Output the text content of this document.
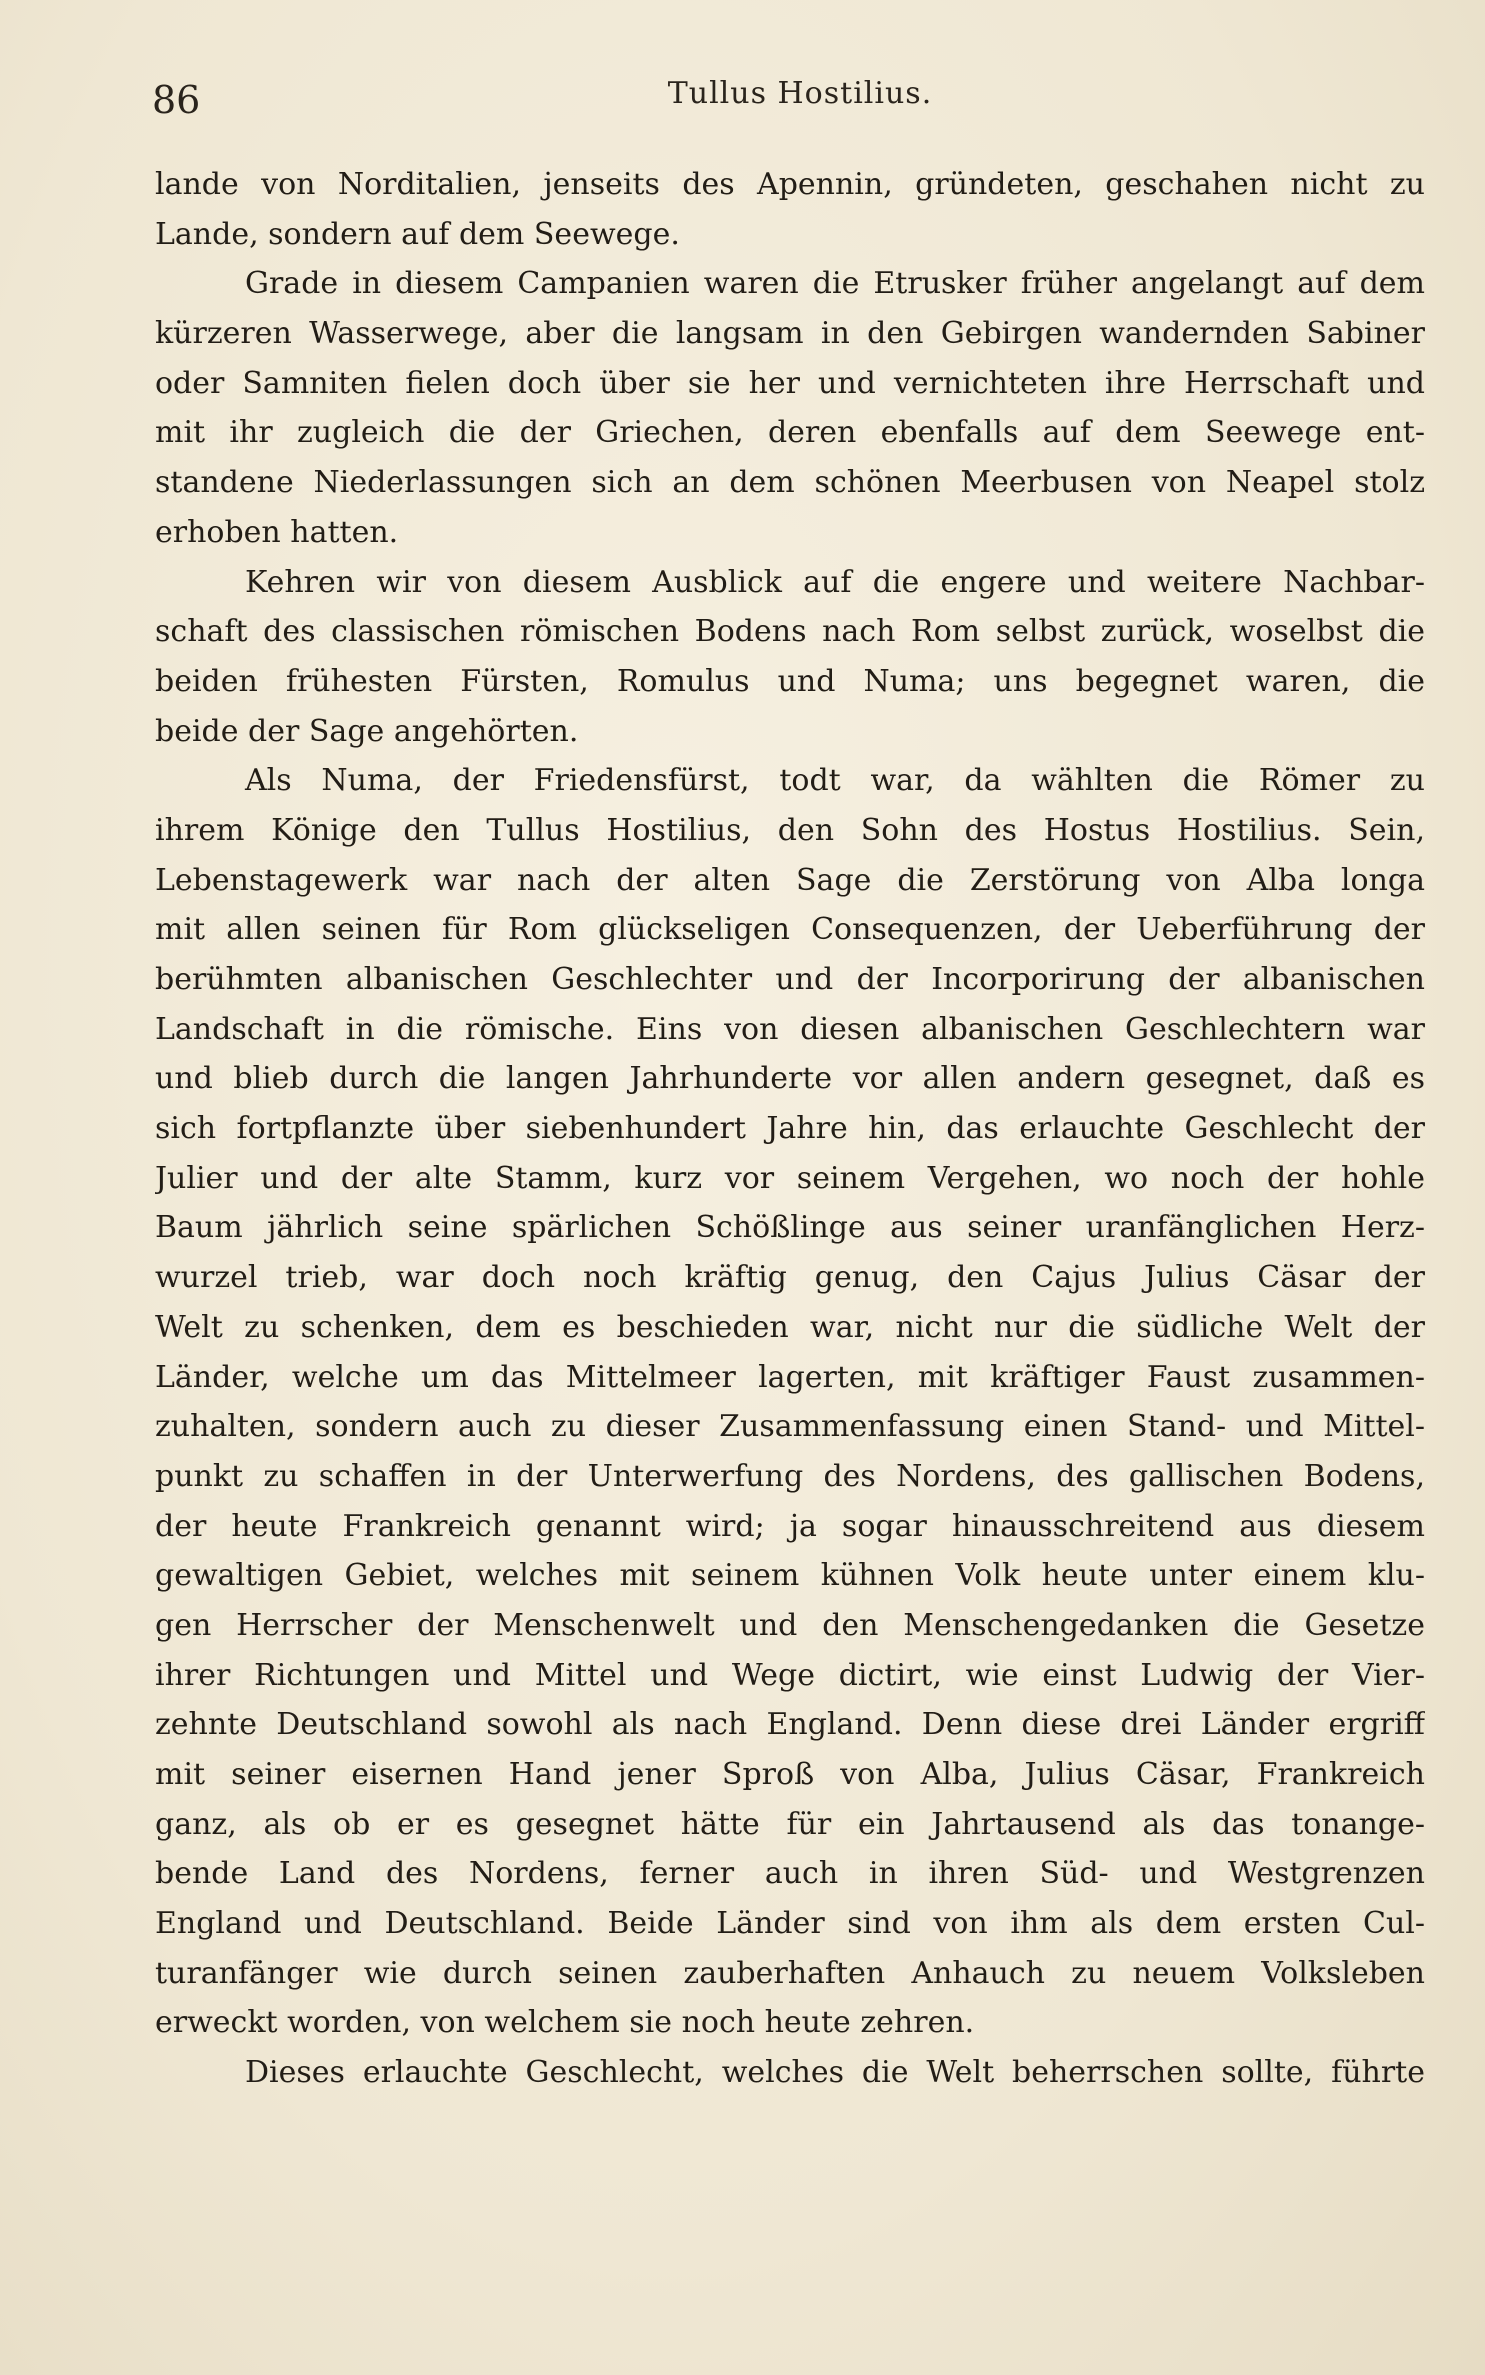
86	Tullus Hostilius.
lande von Norditalien, jenseits des Apennin, gründeten, geschahen nicht zu
Lande, sondern auf dem Seewege.
Grade in diesem Campanien waren die Etrusker früher angelangt auf dem
kürzeren Wasserwege, aber die langsam in den Gebirgen wandernden Sabiner
oder Samniten fielen doch über sie her und vernichteten ihre Herrschaft und
mit ihr zugleich die der Griechen, deren ebenfalls auf dem Seewege ent-
standene Niederlassungen sich an dem schönen Meerbusen von Neapel stolz
erhoben hatten.
Kehren wir von diesem Ausblick auf die engere und weitere Nachbar-
schaft des classischen römischen Bodens nach Rom selbst zurück, woselbst die
beiden frühesten Fürsten, Romulus und Numa; uns begegnet waren, die
beide der Sage angehörten.
Als Numa, der Friedensfürst, todt war, da wählten die Römer zu
ihrem Könige den Tullus Hostilius, den Sohn des Hostus Hostilius. Sein,
Lebenstagewerk war nach der alten Sage die Zerstörung von Alba longa
mit allen seinen für Rom glückseligen Consequenzen, der Ueberführung der
berühmten albanischen Geschlechter und der Incorporirung der albanischen
Landschaft in die römische. Eins von diesen albanischen Geschlechtern war
und blieb durch die langen Jahrhunderte vor allen andern gesegnet, daß es
sich fortpflanzte über siebenhundert Jahre hin, das erlauchte Geschlecht der
Julier und der alte Stamm, kurz vor seinem Vergehen, wo noch der hohle
Baum jährlich seine spärlichen Schößlinge aus seiner uranfänglichen Herz-
wurzel trieb, war doch noch kräftig genug, den Cajus Julius Cäsar der
Welt zu schenken, dem es beschieden war, nicht nur die südliche Welt der
Länder, welche um das Mittelmeer lagerten, mit kräftiger Faust zusammen-
zuhalten, sondern auch zu dieser Zusammenfassung einen Stand- und Mittel-
punkt zu schaffen in der Unterwerfung des Nordens, des gallischen Bodens,
der heute Frankreich genannt wird; ja sogar hinausschreitend aus diesem
gewaltigen Gebiet, welches mit seinem kühnen Volk heute unter einem klu-
gen Herrscher der Menschenwelt und den Menschengedanken die Gesetze
ihrer Richtungen und Mittel und Wege dictirt, wie einst Ludwig der Vier-
zehnte Deutschland sowohl als nach England. Denn diese drei Länder ergriff
mit seiner eisernen Hand jener Sproß von Alba, Julius Cäsar, Frankreich
ganz, als ob er es gesegnet hätte für ein Jahrtausend als das tonange-
bende Land des Nordens, ferner auch in ihren Süd- und Westgrenzen
England und Deutschland. Beide Länder sind von ihm als dem ersten Cul-
turanfänger wie durch seinen zauberhaften Anhauch zu neuem Volksleben
erweckt worden, von welchem sie noch heute zehren.
Dieses erlauchte Geschlecht, welches die Welt beherrschen sollte, führte
